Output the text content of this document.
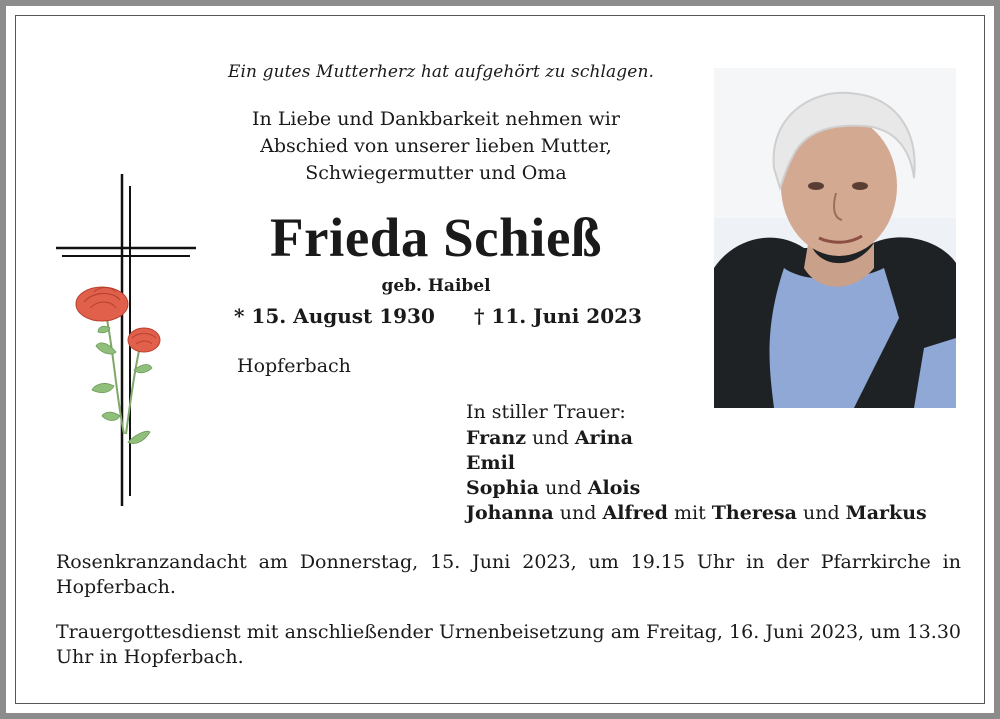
Ein gutes Mutterherz hat aufgehört zu schlagen.
In Liebe und Dankbarkeit nehmen wir
Abschied von unserer lieben Mutter,
Schwiegermutter und Oma
Frieda Schieß
geb. Haibel
* 15. August 1930 † 11. Juni 2023
Hopferbach
In stiller Trauer:
Franz und Arina
Emil
Sophia und Alois
Johanna und Alfred mit Theresa und Markus
Rosenkranzandacht am Donnerstag, 15. Juni 2023, um 19.15 Uhr in der Pfarrkirche in Hopferbach.
Trauergottesdienst mit anschließender Urnenbeisetzung am Freitag, 16. Juni 2023, um 13.30 Uhr in Hopferbach.
